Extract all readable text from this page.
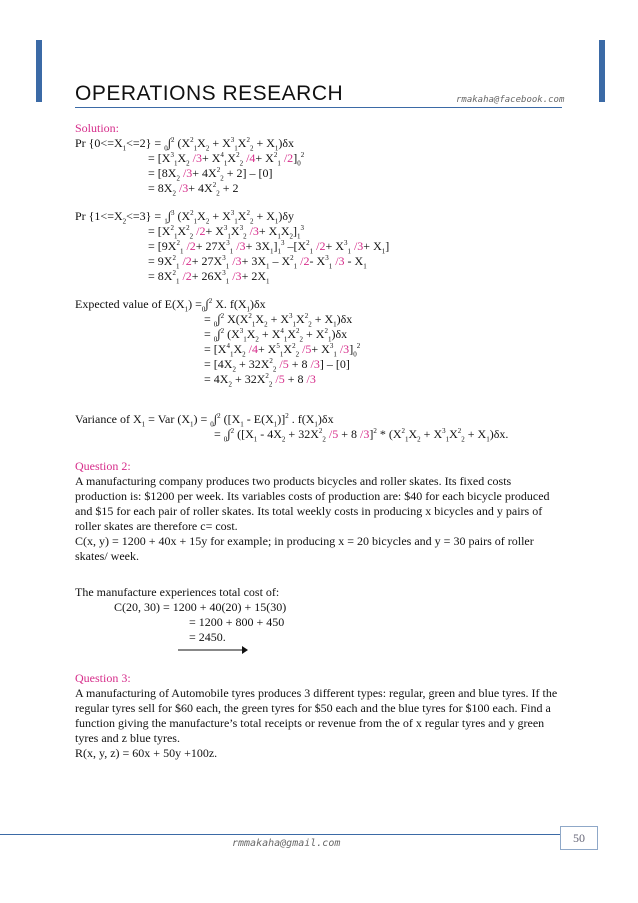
OPERATIONS RESEARCH	rmakaha@facebook.com
Solution:
Pr $\{0<=X_1<=2\} = _0\int^2$ $(X^2_1X_2 + X^3_1X^2_2 + X_1)\delta x$
= [$X^3_1X_2$ $/3+ X^4_1X^2_2$ $/4+ X^2_1$ $/2]_0^2$
= [$8X_2$ $/3+ 4X^2_2 + 2] - [0]$
= $8X_2$ $/3+ 4X^2_2 + 2$
Pr $\{1<=X_2<=3\} = _1\int^3$ $(X^2_1X_2 + X^3_1X^2_2 + X_1)\delta y$
= [$X^2_1X^2_2$ $/2+ X^3_1X^3_2$ $/3+ X_1X_2]_1^3$
= [$9X^2_1$ $/2+ 27X^3_1$ $/3+ 3X_1]_1^3$ $-[X^2_1$ $/2+ X^3_1$ $/3+ X_1$]
= $9X^2_1$ $/2+ 27X^3_1$ $/3+ 3X_1 - X^2_1$ /2- $X^3_1$ $/3 - X_1$
= $8X^2_1$ $/2+ 26X^3_1$ $/3+ 2X_1$
Expected value of $E(X_1) =_0\int^2$ X. $f(X_1)\delta x$
= $_0$∫$^2$ $X(X^2_1X_2 + X^3_1X^2_2 + X_1)\delta x$
= $_0$∫$^2$ $(X^3_1X_2 + X^4_1X^2_2 + X^2_1)\delta x$
= [$X^4_1X_2$ $/4+ X^5_1X^2_2$ $/5+ X^3_1$ $/3]_0^2$
= [$4X_2 + 32X^2_2$ /5 + 8 /3] – [0]
= $4X_2 + 32X^2_2$ /5 + 8 /3
Variance of $X_1$ = Var $(X_1) = _0\int^2$ ($[X_1 - E(X_1)]^2$ . $f(X_1)\delta x$
= $_0$∫$^2$ ([$X_1 - 4X_2 + 32X^2_2$ /5 + 8 $/3]^2 * (X^2_1X_2 + X^3_1X^2_2 + X_1)\delta x$.
Question 2:
A manufacturing company produces two products bicycles and roller skates. Its fixed costs
production is: $1200 per week. Its variables costs of production are: $40 for each bicycle produced
and $15 for each pair of roller skates. Its total weekly costs in producing x bicycles and y pairs of
roller skates are therefore c= cost.
C(x, y) = 1200 + 40x + 15y for example; in producing x = 20 bicycles and y = 30 pairs of roller
skates/ week.
The manufacture experiences total cost of:
C(20, 30) = 1200 + 40(20) + 15(30)
= 1200 + 800 + 450
= 2450.
Question 3:
A manufacturing of Automobile tyres produces 3 different types: regular, green and blue tyres. If the
regular tyres sell for $60 each, the green tyres for $50 each and the blue tyres for $100 each. Find a
function giving the manufacture’s total receipts or revenue from the of x regular tyres and y green
tyres and z blue tyres.
R(x, y, z) = 60x + 50y +100z.
rmmakaha@gmail.com	50
